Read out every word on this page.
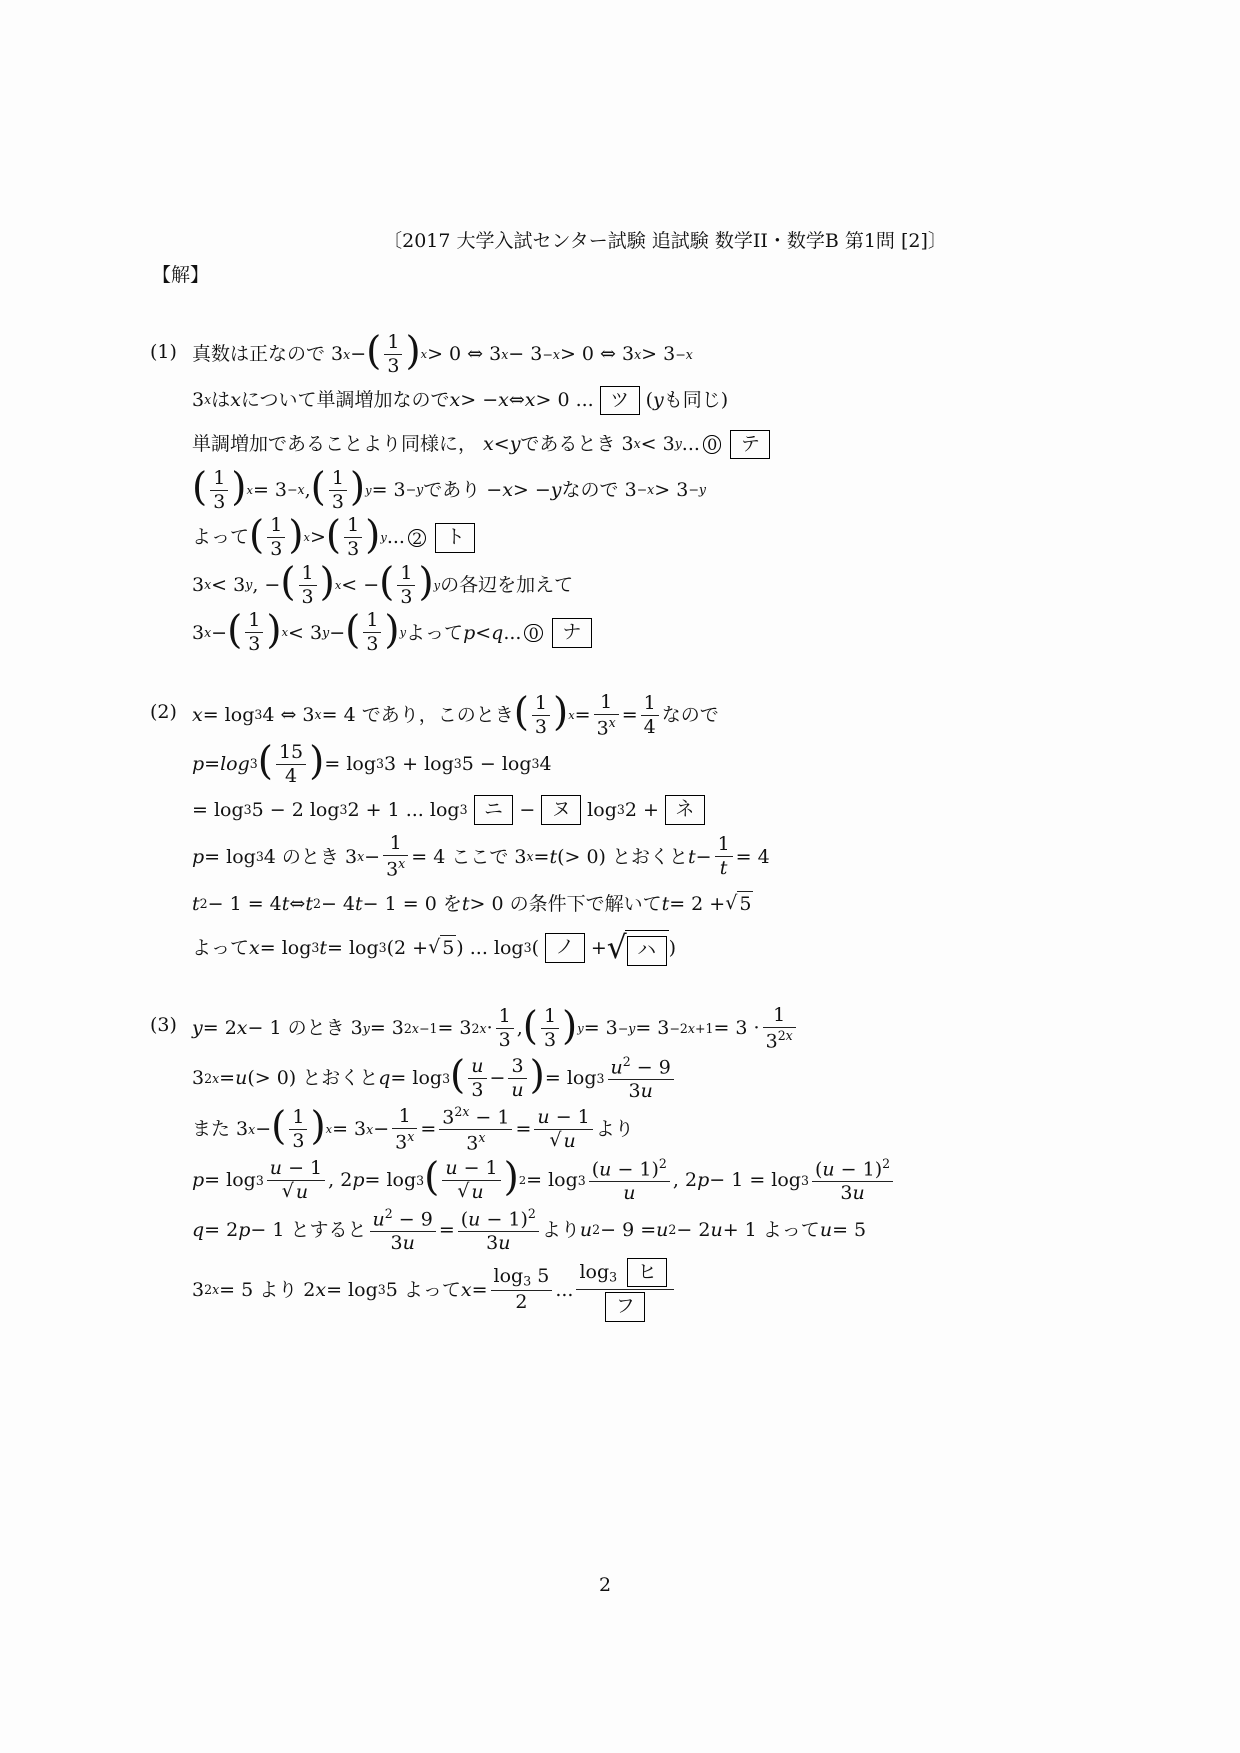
〔2017 大学入試センター試験 追試験 数学II・数学B 第1問 [2]〕
【解】
(1) 真数は正なので 3 x − ( 1
3 ) x > 0 ⇔ 3 x − 3 −x > 0 ⇔ 3 x > 3 −x
3 x は x について単調増加なので x > − x ⇔ x > 0 ... ツ ( y も同じ)
単調増加であることより同様に， x < y であるとき 3 x < 3 y ... 0	テ
( 1
3 ) x = 3 −x , ( 1
3 ) y = 3 −y であり − x > − y なので 3 −x > 3 −y
よって ( 1
3 ) x > ( 1
3 ) y ... 2	ト
3 x < 3 y , − ( 1
3 ) x < − ( 1
3 ) y の各辺を加えて
3 x − ( 1
3 ) x < 3 y − ( 1
3 ) y よって p < q ... 0	ナ
(2) x = log 3 4 ⇔ 3 x = 4 であり，このとき ( 1
3 ) x =
1
$3^x$ =
1
4
なので
p = log 3 ( 15
4 ) = log 3 3 + log 3 5 − log 3 4
= log 3 5 − 2 log 3 2 + 1 ... log 3 ニ − ヌ log 3 2 + ネ
p = log 3 4 のとき 3 x −
1
$3^x = 4$ ここで 3 x = t (> 0) とおくと t −
1
t
= 4
t 2 − 1 = 4 t ⇔ t 2 − 4 t − 1 = 0 を t > 0 の条件下で解いて t = 2 + √ 5
よって x = log 3 t = log 3 (2 + √ 5 ) ... log 3 ( ノ + √ ハ )
(3) y = 2 x − 1 のとき 3 y = 3 2x−1 = 3 2x ·
1
3
, ( 1
3 ) y = 3 −y = 3 −2x+1 = 3 ·
1
$3^{2x}$
3 2x = u (> 0) とおくと q = log 3 ( u
3
−
3
u ) = log 3 $u^2 - 9$
3u
また 3 x − ( 1
3 ) x = 3 x −
1
$3^x$ =
$3^{2x} - 1$
$3^x$	=
u − 1
√ u
より
p = log 3
u − 1
√ u
, 2 p = log 3 ( u − 1
√ u ) 2 = log 3 $(u - 1)^2$
u
, 2 p − 1 = log 3 $(u - 1)^2$
3u
q = 2 p − 1 とすると
$u^2 - 9$
3u
=
$(u - 1)^2$
3u
より u 2 − 9 = u 2 − 2 u + 1 よって u = 5
3 2x = 5 より 2 x = log 3 5 よって x =
$\log_3 5$
2
...
$\log_3$ ヒ
フ
2
